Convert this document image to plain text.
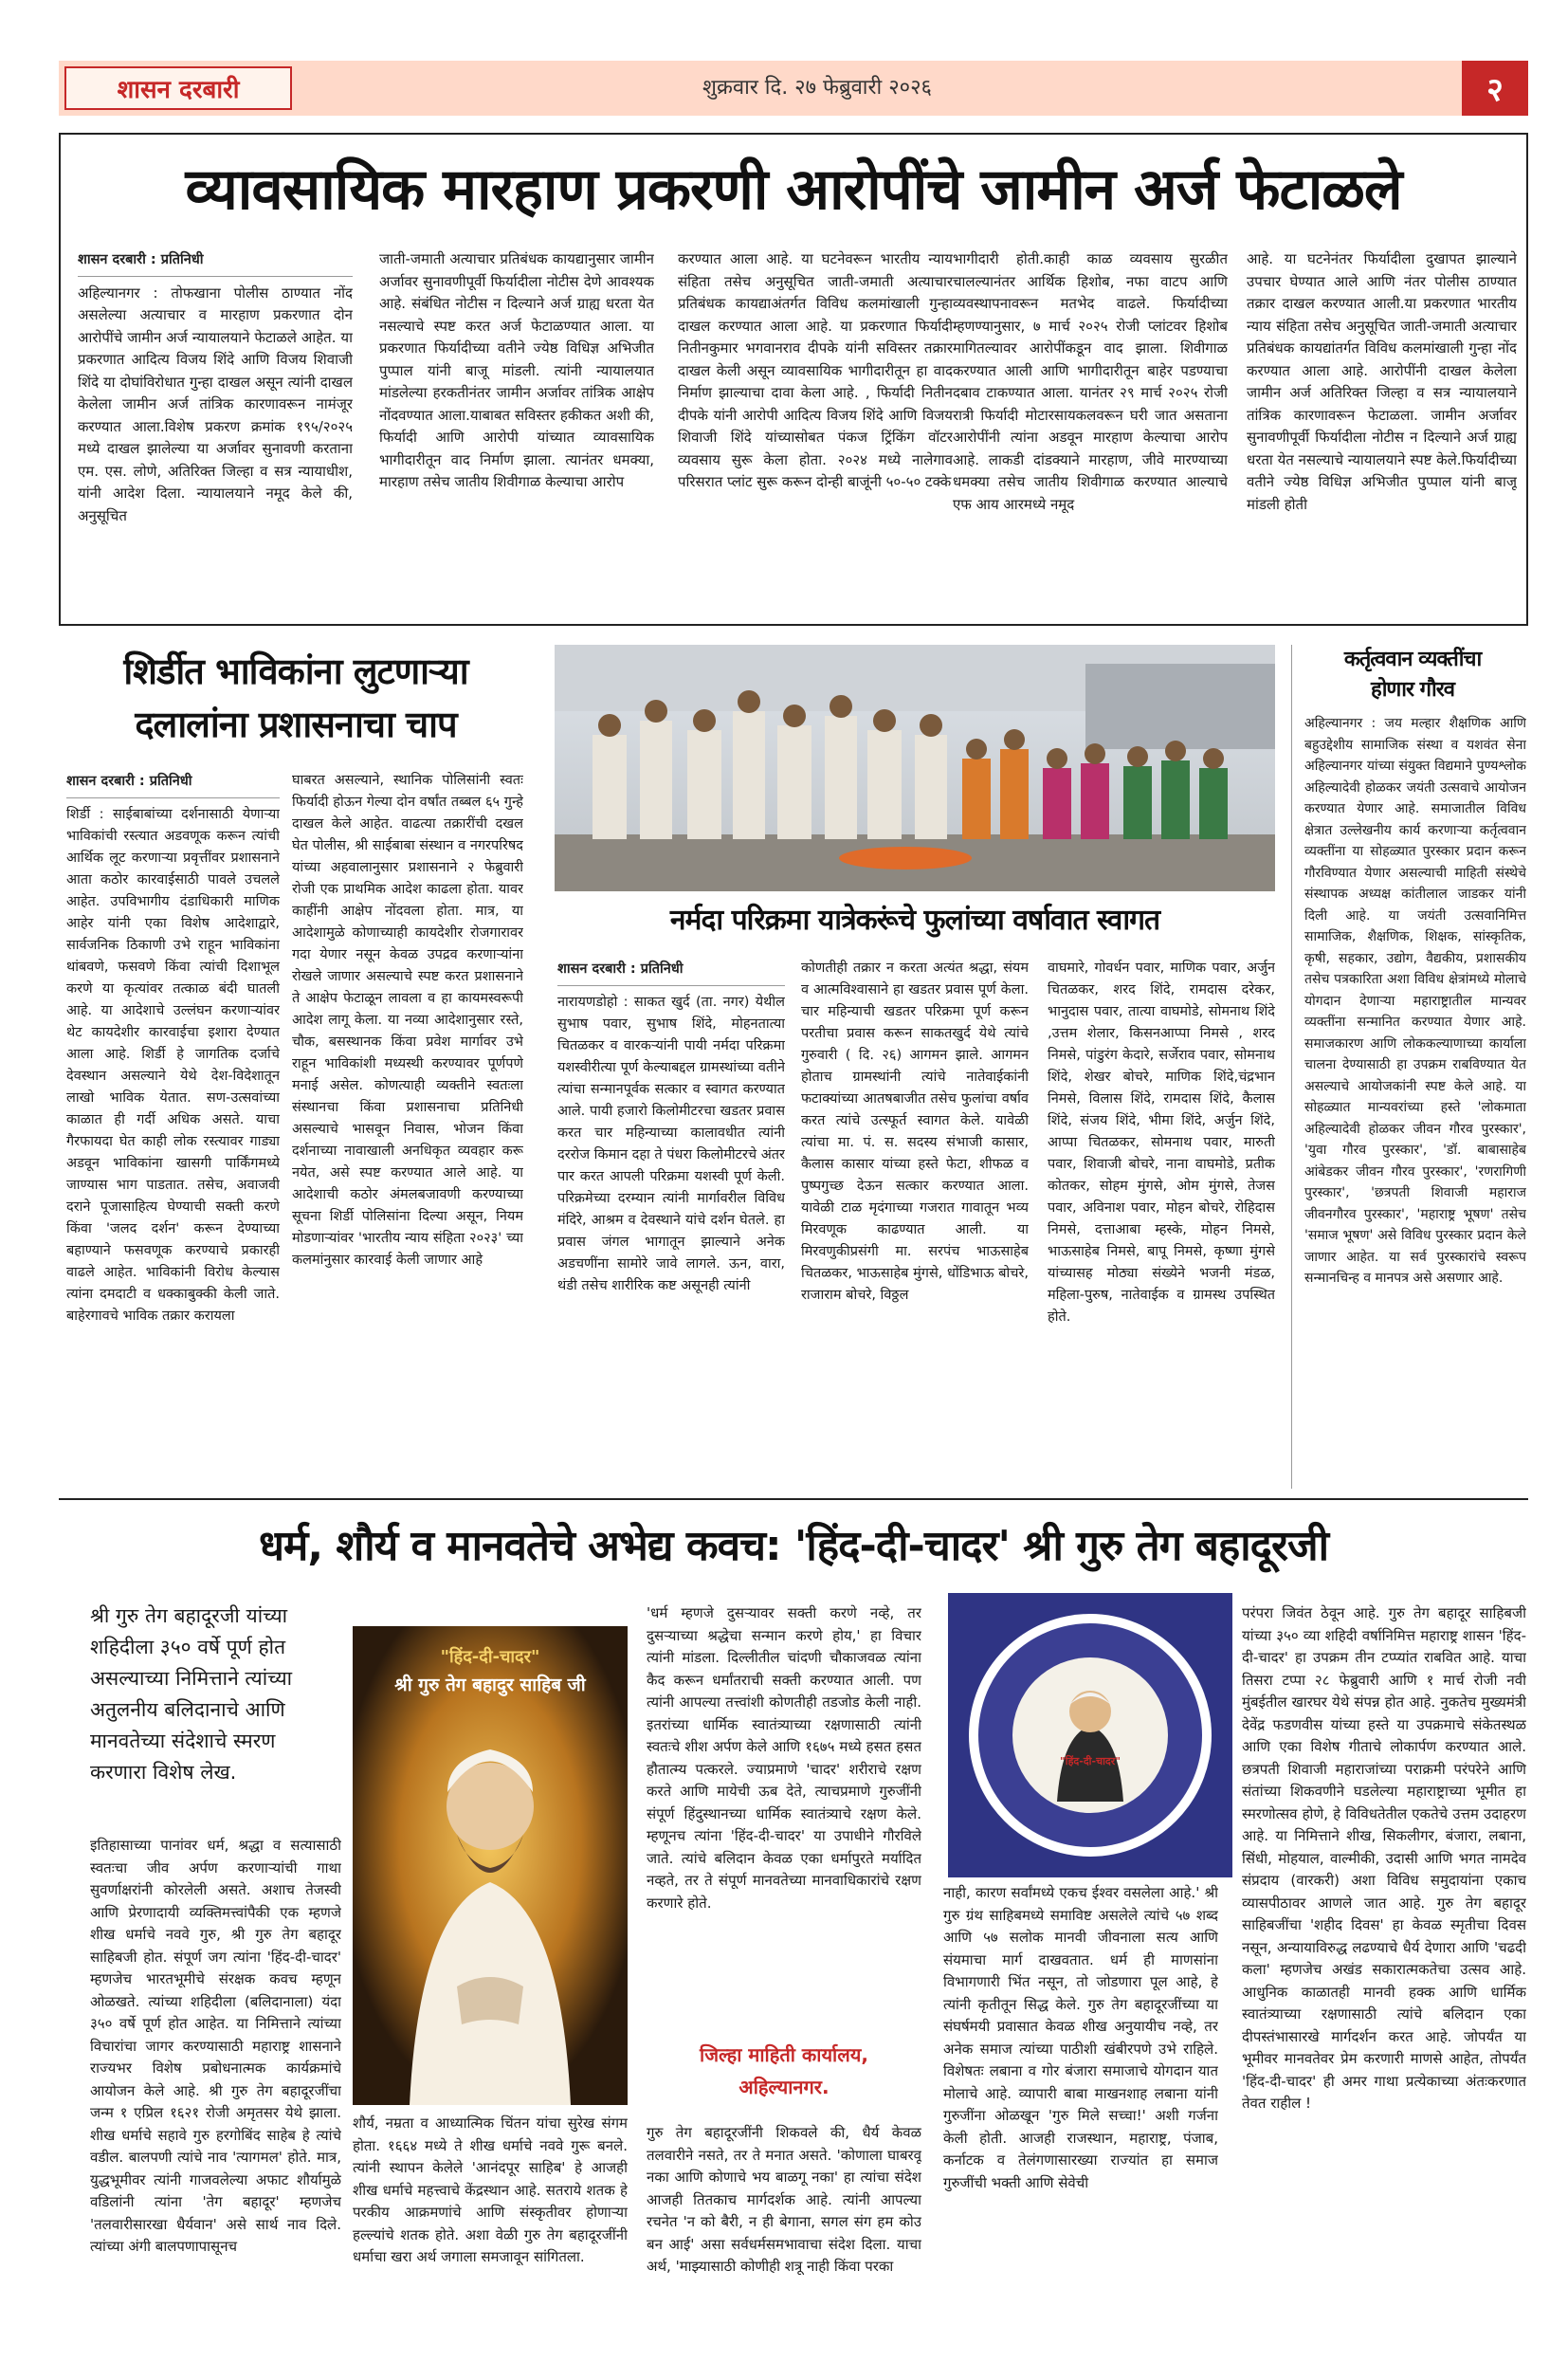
शासन दरबारी	शुक्रवार दि. २७ फेब्रुवारी २०२६	२
व्यावसायिक मारहाण प्रकरणी आरोपींचे जामीन अर्ज फेटाळले
शासन दरबारी : प्रतिनिधी

अहिल्यानगर : तोफखाना पोलीस ठाण्यात नोंद असलेल्या अत्याचार व मारहाण प्रकरणात दोन आरोपींचे जामीन अर्ज न्यायालयाने फेटाळले आहेत. या प्रकरणात आदित्य विजय शिंदे आणि विजय शिवाजी शिंदे या दोघांविरोधात गुन्हा दाखल असून त्यांनी दाखल केलेला जामीन अर्ज तांत्रिक कारणावरून नामंजूर करण्यात आला.विशेष प्रकरण क्रमांक १९५/२०२५ मध्ये दाखल झालेल्या या अर्जावर सुनावणी करताना एम. एस. लोणे, अतिरिक्त जिल्हा व सत्र न्यायाधीश, यांनी आदेश दिला. न्यायालयाने नमूद केले की, अनुसूचित

जाती-जमाती अत्याचार प्रतिबंधक कायद्यानुसार जामीन अर्जावर सुनावणीपूर्वी फिर्यादीला नोटीस देणे आवश्यक आहे. संबंधित नोटीस न दिल्याने अर्ज ग्राह्य धरता येत नसल्याचे स्पष्ट करत अर्ज फेटाळण्यात आला. या प्रकरणात फिर्यादीच्या वतीने ज्येष्ठ विधिज्ञ अभिजीत पुप्पाल यांनी बाजू मांडली. त्यांनी न्यायालयात मांडलेल्या हरकतीनंतर जामीन अर्जावर तांत्रिक आक्षेप नोंदवण्यात आला.याबाबत सविस्तर हकीकत अशी की, फिर्यादी आणि आरोपी यांच्यात व्यावसायिक भागीदारीतून वाद निर्माण झाला. त्यानंतर धमक्या, मारहाण तसेच जातीय शिवीगाळ केल्याचा आरोप

करण्यात आला आहे. या घटनेवरून भारतीय न्याय संहिता तसेच अनुसूचित जाती-जमाती अत्याचार प्रतिबंधक कायद्याअंतर्गत विविध कलमांखाली गुन्हा दाखल करण्यात आला आहे. या प्रकरणात फिर्यादी नितीनकुमार भगवानराव दीपके यांनी सविस्तर तक्रार दाखल केली असून व्यावसायिक भागीदारीतून हा वाद निर्माण झाल्याचा दावा केला आहे. , फिर्यादी नितीन दीपके यांनी आरोपी आदित्य विजय शिंदे आणि विजय शिवाजी शिंदे यांच्यासोबत पंकज ट्रिंकिंग वॉटर व्यवसाय सुरू केला होता. २०२४ मध्ये नालेगाव परिसरात प्लांट सुरू करून दोन्ही बाजूंनी ५०-५० टक्के

भागीदारी होती.काही काळ व्यवसाय सुरळीत चालल्यानंतर आर्थिक हिशोब, नफा वाटप आणि व्यवस्थापनावरून मतभेद वाढले. फिर्यादीच्या म्हणण्यानुसार, ७ मार्च २०२५ रोजी प्लांटवर हिशोब मागितल्यावर आरोपींकडून वाद झाला. शिवीगाळ करण्यात आली आणि भागीदारीतून बाहेर पडण्याचा दबाव टाकण्यात आला. यानंतर २९ मार्च २०२५ रोजी रात्री फिर्यादी मोटारसायकलवरून घरी जात असताना आरोपींनी त्यांना अडवून मारहाण केल्याचा आरोप आहे. लाकडी दांडक्याने मारहाण, जीवे मारण्याच्या धमक्या तसेच जातीय शिवीगाळ करण्यात आल्याचे एफ आय आरमध्ये नमूद

आहे. या घटनेनंतर फिर्यादीला दुखापत झाल्याने उपचार घेण्यात आले आणि नंतर पोलीस ठाण्यात तक्रार दाखल करण्यात आली.या प्रकरणात भारतीय न्याय संहिता तसेच अनुसूचित जाती-जमाती अत्याचार प्रतिबंधक कायद्यांतर्गत विविध कलमांखाली गुन्हा नोंद करण्यात आला आहे. आरोपींनी दाखल केलेला जामीन अर्ज अतिरिक्त जिल्हा व सत्र न्यायालयाने तांत्रिक कारणावरून फेटाळला. जामीन अर्जावर सुनावणीपूर्वी फिर्यादीला नोटीस न दिल्याने अर्ज ग्राह्य धरता येत नसल्याचे न्यायालयाने स्पष्ट केले.फिर्यादीच्या वतीने ज्येष्ठ विधिज्ञ अभिजीत पुप्पाल यांनी बाजू मांडली होती

शिर्डीत भाविकांना लुटणाऱ्या
दलालांना प्रशासनाचा चाप
शासन दरबारी : प्रतिनिधी

शिर्डी : साईबाबांच्या दर्शनासाठी येणाऱ्या भाविकांची रस्त्यात अडवणूक करून त्यांची आर्थिक लूट करणाऱ्या प्रवृत्तींवर प्रशासनाने आता कठोर कारवाईसाठी पावले उचलले आहेत. उपविभागीय दंडाधिकारी माणिक आहेर यांनी एका विशेष आदेशाद्वारे, सार्वजनिक ठिकाणी उभे राहून भाविकांना थांबवणे, फसवणे किंवा त्यांची दिशाभूल करणे या कृत्यांवर तत्काळ बंदी घातली आहे. या आदेशाचे उल्लंघन करणाऱ्यांवर थेट कायदेशीर कारवाईचा इशारा देण्यात आला आहे. शिर्डी हे जागतिक दर्जाचे देवस्थान असल्याने येथे देश-विदेशातून लाखो भाविक येतात. सण-उत्सवांच्या काळात ही गर्दी अधिक असते. याचा गैरफायदा घेत काही लोक रस्त्यावर गाड्या अडवून भाविकांना खासगी पार्किंगमध्ये जाण्यास भाग पाडतात. तसेच, अवाजवी दराने पूजासाहित्य घेण्याची सक्ती करणे किंवा 'जलद दर्शन' करून देण्याच्या बहाण्याने फसवणूक करण्याचे प्रकारही वाढले आहेत. भाविकांनी विरोध केल्यास त्यांना दमदाटी व धक्काबुक्की केली जाते. बाहेरगावचे भाविक तक्रार करायला

घाबरत असल्याने, स्थानिक पोलिसांनी स्वतः फिर्यादी होऊन गेल्या दोन वर्षांत तब्बल ६५ गुन्हे दाखल केले आहेत. वाढत्या तक्रारींची दखल घेत पोलीस, श्री साईबाबा संस्थान व नगरपरिषद यांच्या अहवालानुसार प्रशासनाने २ फेब्रुवारी रोजी एक प्राथमिक आदेश काढला होता. यावर काहींनी आक्षेप नोंदवला होता. मात्र, या आदेशामुळे कोणाच्याही कायदेशीर रोजगारावर गदा येणार नसून केवळ उपद्रव करणाऱ्यांना रोखले जाणार असल्याचे स्पष्ट करत प्रशासनाने ते आक्षेप फेटाळून लावला व हा कायमस्वरूपी आदेश लागू केला. या नव्या आदेशानुसार रस्ते, चौक, बसस्थानक किंवा प्रवेश मार्गावर उभे राहून भाविकांशी मध्यस्थी करण्यावर पूर्णपणे मनाई असेल. कोणत्याही व्यक्तीने स्वतःला संस्थानचा किंवा प्रशासनाचा प्रतिनिधी असल्याचे भासवून निवास, भोजन किंवा दर्शनाच्या नावाखाली अनधिकृत व्यवहार करू नयेत, असे स्पष्ट करण्यात आले आहे. या आदेशाची कठोर अंमलबजावणी करण्याच्या सूचना शिर्डी पोलिसांना दिल्या असून, नियम मोडणाऱ्यांवर 'भारतीय न्याय संहिता २०२३' च्या कलमांनुसार कारवाई केली जाणार आहे

नर्मदा परिक्रमा यात्रेकरूंचे फुलांच्या वर्षावात स्वागत
शासन दरबारी : प्रतिनिधी

नारायणडोहो : साकत खुर्द (ता. नगर) येथील सुभाष पवार, सुभाष शिंदे, मोहनतात्या चितळकर व वारकऱ्यांनी पायी नर्मदा परिक्रमा यशस्वीरीत्या पूर्ण केल्याबद्दल ग्रामस्थांच्या वतीने त्यांचा सन्मानपूर्वक सत्कार व स्वागत करण्यात आले. पायी हजारो किलोमीटरचा खडतर प्रवास करत चार महिन्याच्या कालावधीत त्यांनी दररोज किमान दहा ते पंधरा किलोमीटरचे अंतर पार करत आपली परिक्रमा यशस्वी पूर्ण केली. परिक्रमेच्या दरम्यान त्यांनी मार्गावरील विविध मंदिरे, आश्रम व देवस्थाने यांचे दर्शन घेतले. हा प्रवास जंगल भागातून झाल्याने अनेक अडचणींना सामोरे जावे लागले. ऊन, वारा, थंडी तसेच शारीरिक कष्ट असूनही त्यांनी

कोणतीही तक्रार न करता अत्यंत श्रद्धा, संयम व आत्मविश्वासाने हा खडतर प्रवास पूर्ण केला. चार महिन्याची खडतर परिक्रमा पूर्ण करून परतीचा प्रवास करून साकतखुर्द येथे त्यांचे गुरुवारी ( दि. २६) आगमन झाले. आगमन होताच ग्रामस्थांनी त्यांचे नातेवाईकांनी फटाक्यांच्या आतषबाजीत तसेच फुलांचा वर्षाव करत त्यांचे उत्स्फूर्त स्वागत केले. यावेळी त्यांचा मा. पं. स. सदस्य संभाजी कासार, कैलास कासार यांच्या हस्ते फेटा, शीफळ व पुष्पगुच्छ देऊन सत्कार करण्यात आला. यावेळी टाळ मृदंगाच्या गजरात गावातून भव्य मिरवणूक काढण्यात आली. या मिरवणुकीप्रसंगी मा. सरपंच भाऊसाहेब चितळकर, भाऊसाहेब मुंगसे, धोंडिभाऊ बोचरे, राजाराम बोचरे, विठ्ठल

वाघमारे, गोवर्धन पवार, माणिक पवार, अर्जुन चितळकर, शरद शिंदे, रामदास दरेकर, भानुदास पवार, तात्या वाघमोडे, सोमनाथ शिंदे ,उत्तम शेलार, किसनआप्पा निमसे , शरद निमसे, पांडुरंग केदारे, सर्जेराव पवार, सोमनाथ शिंदे, शेखर बोचरे, माणिक शिंदे,चंद्रभान निमसे, विलास शिंदे, रामदास शिंदे, कैलास शिंदे, संजय शिंदे, भीमा शिंदे, अर्जुन शिंदे, आप्पा चितळकर, सोमनाथ पवार, मारुती पवार, शिवाजी बोचरे, नाना वाघमोडे, प्रतीक कोतकर, सोहम मुंगसे, ओम मुंगसे, तेजस पवार, अविनाश पवार, मोहन बोचरे, रोहिदास निमसे, दत्ताआबा म्हस्के, मोहन निमसे, भाऊसाहेब निमसे, बापू निमसे, कृष्णा मुंगसे यांच्यासह मोठ्या संख्येने भजनी मंडळ, महिला-पुरुष, नातेवाईक व ग्रामस्थ उपस्थित होते.

कर्तृत्ववान व्यक्तींचा
होणार गौरव

अहिल्यानगर : जय मल्हार शैक्षणिक आणि बहुउद्देशीय सामाजिक संस्था व यशवंत सेना अहिल्यानगर यांच्या संयुक्त विद्यमाने पुण्यश्लोक अहिल्यादेवी होळकर जयंती उत्सवाचे आयोजन करण्यात येणार आहे. समाजातील विविध क्षेत्रात उल्लेखनीय कार्य करणाऱ्या कर्तृत्ववान व्यक्तींना या सोहळ्यात पुरस्कार प्रदान करून गौरविण्यात येणार असल्याची माहिती संस्थेचे संस्थापक अध्यक्ष कांतीलाल जाडकर यांनी दिली आहे. या जयंती उत्सवानिमित्त सामाजिक, शैक्षणिक, शिक्षक, सांस्कृतिक, कृषी, सहकार, उद्योग, वैद्यकीय, प्रशासकीय तसेच पत्रकारिता अशा विविध क्षेत्रांमध्ये मोलाचे योगदान देणाऱ्या महाराष्ट्रातील मान्यवर व्यक्तींना सन्मानित करण्यात येणार आहे. समाजकारण आणि लोककल्याणाच्या कार्याला चालना देण्यासाठी हा उपक्रम राबविण्यात येत असल्याचे आयोजकांनी स्पष्ट केले आहे. या सोहळ्यात मान्यवरांच्या हस्ते 'लोकमाता अहिल्यादेवी होळकर जीवन गौरव पुरस्कार', 'युवा गौरव पुरस्कार', 'डॉ. बाबासाहेब आंबेडकर जीवन गौरव पुरस्कार', 'रणरागिणी पुरस्कार', 'छत्रपती शिवाजी महाराज जीवनगौरव पुरस्कार', 'महाराष्ट्र भूषण' तसेच 'समाज भूषण' असे विविध पुरस्कार प्रदान केले जाणार आहेत. या सर्व पुरस्कारांचे स्वरूप सन्मानचिन्ह व मानपत्र असे असणार आहे.

धर्म, शौर्य व मानवतेचे अभेद्य कवच: 'हिंद-दी-चादर' श्री गुरु तेग बहादूरजी

श्री गुरु तेग बहादूरजी यांच्या शहिदीला ३५० वर्षे पूर्ण होत असल्याच्या निमित्ताने त्यांच्या अतुलनीय बलिदानाचे आणि मानवतेच्या संदेशाचे स्मरण करणारा विशेष लेख.

इतिहासाच्या पानांवर धर्म, श्रद्धा व सत्यासाठी स्वतःचा जीव अर्पण करणाऱ्यांची गाथा सुवर्णाक्षरांनी कोरलेली असते. अशाच तेजस्वी आणि प्रेरणादायी व्यक्तिमत्त्वांपैकी एक म्हणजे शीख धर्माचे नववे गुरु, श्री गुरु तेग बहादूर साहिबजी होत. संपूर्ण जग त्यांना 'हिंद-दी-चादर' म्हणजेच भारतभूमीचे संरक्षक कवच म्हणून ओळखते. त्यांच्या शहिदीला (बलिदानाला) यंदा ३५० वर्षे पूर्ण होत आहेत. या निमित्ताने त्यांच्या विचारांचा जागर करण्यासाठी महाराष्ट्र शासनाने राज्यभर विशेष प्रबोधनात्मक कार्यक्रमांचे आयोजन केले आहे. श्री गुरु तेग बहादूरजींचा जन्म १ एप्रिल १६२१ रोजी अमृतसर येथे झाला. शीख धर्माचे सहावे गुरु हरगोबिंद साहेब हे त्यांचे वडील. बालपणी त्यांचे नाव 'त्यागमल' होते. मात्र, युद्धभूमीवर त्यांनी गाजवलेल्या अफाट शौर्यामुळे वडिलांनी त्यांना 'तेग बहादूर' म्हणजेच 'तलवारीसारखा धैर्यवान' असे सार्थ नाव दिले. त्यांच्या अंगी बालपणापासूनच

"हिंद-दी-चादर"
श्री गुरु तेग बहादुर साहिब जी

शौर्य, नम्रता व आध्यात्मिक चिंतन यांचा सुरेख संगम होता. १६६४ मध्ये ते शीख धर्माचे नववे गुरू बनले. त्यांनी स्थापन केलेले 'आनंदपूर साहिब' हे आजही शीख धर्माचे महत्त्वाचे केंद्रस्थान आहे. सतराये शतक हे परकीय आक्रमणांचे आणि संस्कृतीवर होणाऱ्या हल्ल्यांचे शतक होते. अशा वेळी गुरु तेग बहादूरजींनी धर्माचा खरा अर्थ जगाला समजावून सांगितला.

'धर्म म्हणजे दुसऱ्यावर सक्ती करणे नव्हे, तर दुसऱ्याच्या श्रद्धेचा सन्मान करणे होय,' हा विचार त्यांनी मांडला. दिल्लीतील चांदणी चौकाजवळ त्यांना कैद करून धर्मांतराची सक्ती करण्यात आली. पण त्यांनी आपल्या तत्त्वांशी कोणतीही तडजोड केली नाही. इतरांच्या धार्मिक स्वातंत्र्याच्या रक्षणासाठी त्यांनी स्वतःचे शीश अर्पण केले आणि १६७५ मध्ये हसत हसत हौतात्म्य पत्करले. ज्याप्रमाणे 'चादर' शरीराचे रक्षण करते आणि मायेची ऊब देते, त्याचप्रमाणे गुरुजींनी संपूर्ण हिंदुस्थानच्या धार्मिक स्वातंत्र्याचे रक्षण केले. म्हणूनच त्यांना 'हिंद-दी-चादर' या उपाधीने गौरविले जाते. त्यांचे बलिदान केवळ एका धर्मापुरते मर्यादित नव्हते, तर ते संपूर्ण मानवतेच्या मानवाधिकारांचे रक्षण करणारे होते.

जिल्हा माहिती कार्यालय,
अहिल्यानगर.

गुरु तेग बहादूरजींनी शिकवले की, धैर्य केवळ तलवारीने नसते, तर ते मनात असते. 'कोणाला घाबरवू नका आणि कोणाचे भय बाळगू नका' हा त्यांचा संदेश आजही तितकाच मार्गदर्शक आहे. त्यांनी आपल्या रचनेत 'न को बैरी, न ही बेगाना, सगल संग हम कोउ बन आई' असा सर्वधर्मसमभावाचा संदेश दिला. याचा अर्थ, 'माझ्यासाठी कोणीही शत्रू नाही किंवा परका

"हिंद-दी-चादर"

नाही, कारण सर्वांमध्ये एकच ईश्वर वसलेला आहे.' श्री गुरु ग्रंथ साहिबमध्ये समाविष्ट असलेले त्यांचे ५७ शब्द आणि ५७ सलोक मानवी जीवनाला सत्य आणि संयमाचा मार्ग दाखवतात. धर्म ही माणसांना विभागणारी भिंत नसून, तो जोडणारा पूल आहे, हे त्यांनी कृतीतून सिद्ध केले. गुरु तेग बहादूरजींच्या या संघर्षमयी प्रवासात केवळ शीख अनुयायीच नव्हे, तर अनेक समाज त्यांच्या पाठीशी खंबीरपणे उभे राहिले. विशेषतः लबाना व गोर बंजारा समाजाचे योगदान यात मोलाचे आहे. व्यापारी बाबा माखनशाह लबाना यांनी गुरुजींना ओळखून 'गुरु मिले सच्चा!' अशी गर्जना केली होती. आजही राजस्थान, महाराष्ट्र, पंजाब, कर्नाटक व तेलंगणासारख्या राज्यांत हा समाज गुरुजींची भक्ती आणि सेवेची

परंपरा जिवंत ठेवून आहे. गुरु तेग बहादूर साहिबजी यांच्या ३५० व्या शहिदी वर्षानिमित्त महाराष्ट्र शासन 'हिंद-दी-चादर' हा उपक्रम तीन टप्प्यांत राबवित आहे. याचा तिसरा टप्पा २८ फेब्रुवारी आणि १ मार्च रोजी नवी मुंबईतील खारघर येथे संपन्न होत आहे. नुकतेच मुख्यमंत्री देवेंद्र फडणवीस यांच्या हस्ते या उपक्रमाचे संकेतस्थळ आणि एका विशेष गीताचे लोकार्पण करण्यात आले. छत्रपती शिवाजी महाराजांच्या पराक्रमी परंपरेने आणि संतांच्या शिकवणीने घडलेल्या महाराष्ट्राच्या भूमीत हा स्मरणोत्सव होणे, हे विविधतेतील एकतेचे उत्तम उदाहरण आहे. या निमित्ताने शीख, सिकलीगर, बंजारा, लबाना, सिंधी, मोहयाल, वाल्मीकी, उदासी आणि भगत नामदेव संप्रदाय (वारकरी) अशा विविध समुदायांना एकाच व्यासपीठावर आणले जात आहे. गुरु तेग बहादूर साहिबजींचा 'शहीद दिवस' हा केवळ स्मृतीचा दिवस नसून, अन्यायाविरुद्ध लढण्याचे धैर्य देणारा आणि 'चढदी कला' म्हणजेच अखंड सकारात्मकतेचा उत्सव आहे. आधुनिक काळातही मानवी हक्क आणि धार्मिक स्वातंत्र्याच्या रक्षणासाठी त्यांचे बलिदान एका दीपस्तंभासारखे मार्गदर्शन करत आहे. जोपर्यंत या भूमीवर मानवतेवर प्रेम करणारी माणसे आहेत, तोपर्यंत 'हिंद-दी-चादर' ही अमर गाथा प्रत्येकाच्या अंतःकरणात तेवत राहील !
